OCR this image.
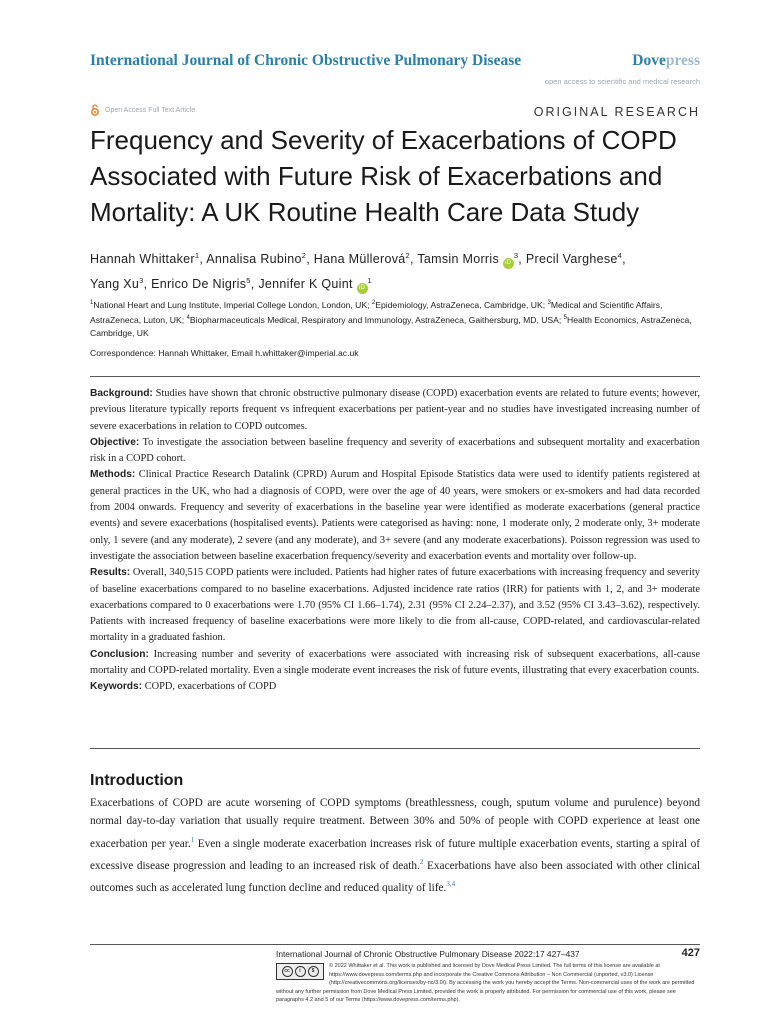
International Journal of Chronic Obstructive Pulmonary Disease	Dovepress
open access to scientific and medical research
Open Access Full Text Article	ORIGINAL RESEARCH
Frequency and Severity of Exacerbations of COPD Associated with Future Risk of Exacerbations and Mortality: A UK Routine Health Care Data Study
Hannah Whittaker$^1$, Annalisa Rubino$^2$, Hana Müllerová$^2$, Tamsin Morris $iD^3$, Precil Varghese$^4$,
Yang Xu$^3$, Enrico De Nigris$^5$, Jennifer K Quint $iD^1$
$^1$National Heart and Lung Institute, Imperial College London, London, UK; $^2$Epidemiology, AstraZeneca, Cambridge, UK; $^3$Medical and Scientific Affairs, AstraZeneca, Luton, UK; $^4$Biopharmaceuticals Medical, Respiratory and Immunology, AstraZeneca, Gaithersburg, MD, USA; $^5$Health Economics, AstraZeneca, Cambridge, UK
Correspondence: Hannah Whittaker, Email h.whittaker@imperial.ac.uk

Background: Studies have shown that chronic obstructive pulmonary disease (COPD) exacerbation events are related to future events; however, previous literature typically reports frequent vs infrequent exacerbations per patient-year and no studies have investigated increasing number of severe exacerbations in relation to COPD outcomes.

Objective: To investigate the association between baseline frequency and severity of exacerbations and subsequent mortality and exacerbation risk in a COPD cohort.

Methods: Clinical Practice Research Datalink (CPRD) Aurum and Hospital Episode Statistics data were used to identify patients registered at general practices in the UK, who had a diagnosis of COPD, were over the age of 40 years, were smokers or ex-smokers and had data recorded from 2004 onwards. Frequency and severity of exacerbations in the baseline year were identified as moderate exacerbations (general practice events) and severe exacerbations (hospitalised events). Patients were categorised as having: none, 1 moderate only, 2 moderate only, 3+ moderate only, 1 severe (and any moderate), 2 severe (and any moderate), and 3+ severe (and any moderate exacerbations). Poisson regression was used to investigate the association between baseline exacerbation frequency/severity and exacerbation events and mortality over follow-up.

Results: Overall, 340,515 COPD patients were included. Patients had higher rates of future exacerbations with increasing frequency and severity of baseline exacerbations compared to no baseline exacerbations. Adjusted incidence rate ratios (IRR) for patients with 1, 2, and 3+ moderate exacerbations compared to 0 exacerbations were 1.70 (95% CI 1.66–1.74), 2.31 (95% CI 2.24–2.37), and 3.52 (95% CI 3.43–3.62), respectively. Patients with increased frequency of baseline exacerbations were more likely to die from all-cause, COPD-related, and cardiovascular-related mortality in a graduated fashion.

Conclusion: Increasing number and severity of exacerbations were associated with increasing risk of subsequent exacerbations, all-cause mortality and COPD-related mortality. Even a single moderate event increases the risk of future events, illustrating that every exacerbation counts.

Keywords: COPD, exacerbations of COPD

Introduction
Exacerbations of COPD are acute worsening of COPD symptoms (breathlessness, cough, sputum volume and purulence) beyond normal day-to-day variation that usually require treatment. Between 30% and 50% of people with COPD experience at least one exacerbation per year.$^1$ Even a single moderate exacerbation increases risk of future multiple exacerbation events, starting a spiral of excessive disease progression and leading to an increased risk of death.$^2$ Exacerbations have also been associated with other clinical outcomes such as accelerated lung function decline and reduced quality of life.$^{3,4}$
International Journal of Chronic Obstructive Pulmonary Disease 2022:17 427–437	427
cc	i	$
© 2022 Whittaker et al. This work is published and licensed by Dove Medical Press Limited. The full terms of this license are available at https://www.dovepress.com/terms.php and incorporate the Creative Commons Attribution – Non Commercial (unported, v3.0) License (http://creativecommons.org/licenses/by-nc/3.0/). By accessing the work you hereby accept the Terms. Non-commercial uses of the work are permitted without any further permission from Dove Medical Press Limited, provided the work is properly attributed. For permission for commercial use of this work, please see paragraphs 4.2 and 5 of our Terms (https://www.dovepress.com/terms.php).
